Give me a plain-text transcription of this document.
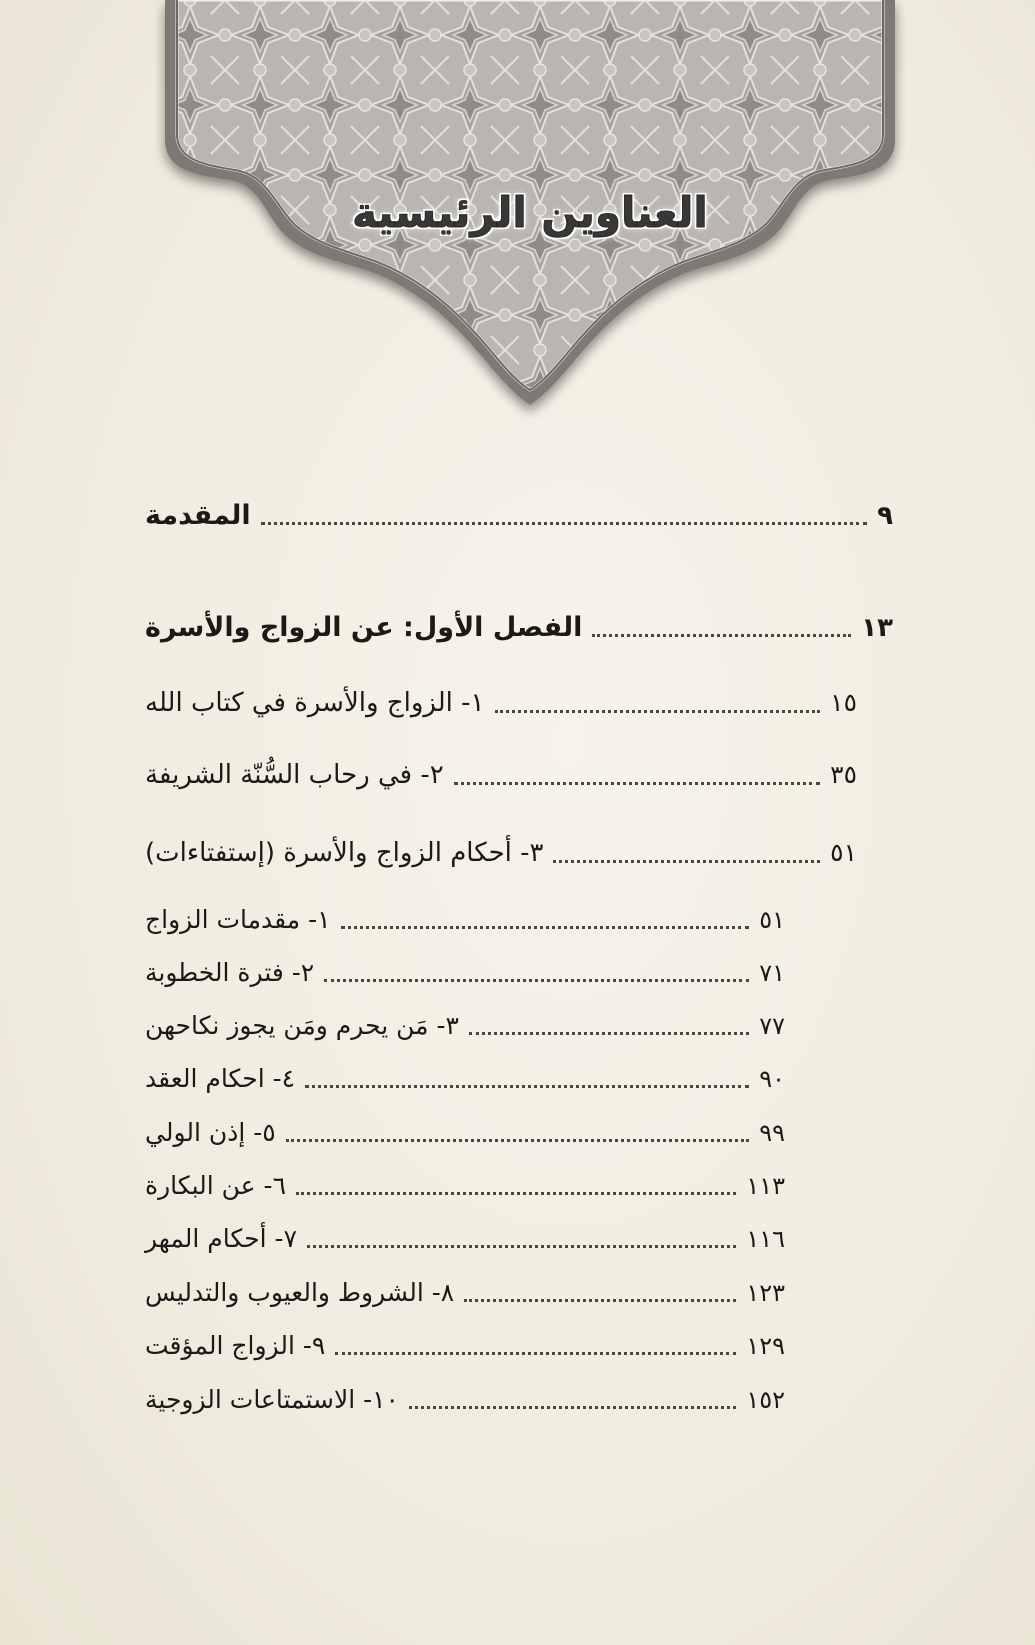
العناوين الرئيسية
المقدمة	٩
الفصل الأول: عن الزواج والأسرة	١٣
١- الزواج والأسرة في كتاب الله	١٥
٢- في رحاب السُّنّة الشريفة	٣٥
٣- أحكام الزواج والأسرة (إستفتاءات)	٥١
١- مقدمات الزواج	٥١
٢- فترة الخطوبة	٧١
٣- مَن يحرم ومَن يجوز نكاحهن	٧٧
٤- احكام العقد	٩٠
٥- إذن الولي	٩٩
٦- عن البكارة	١١٣
٧- أحكام المهر	١١٦
٨- الشروط والعيوب والتدليس	١٢٣
٩- الزواج المؤقت	١٢٩
١٠- الاستمتاعات الزوجية	١٥٢
